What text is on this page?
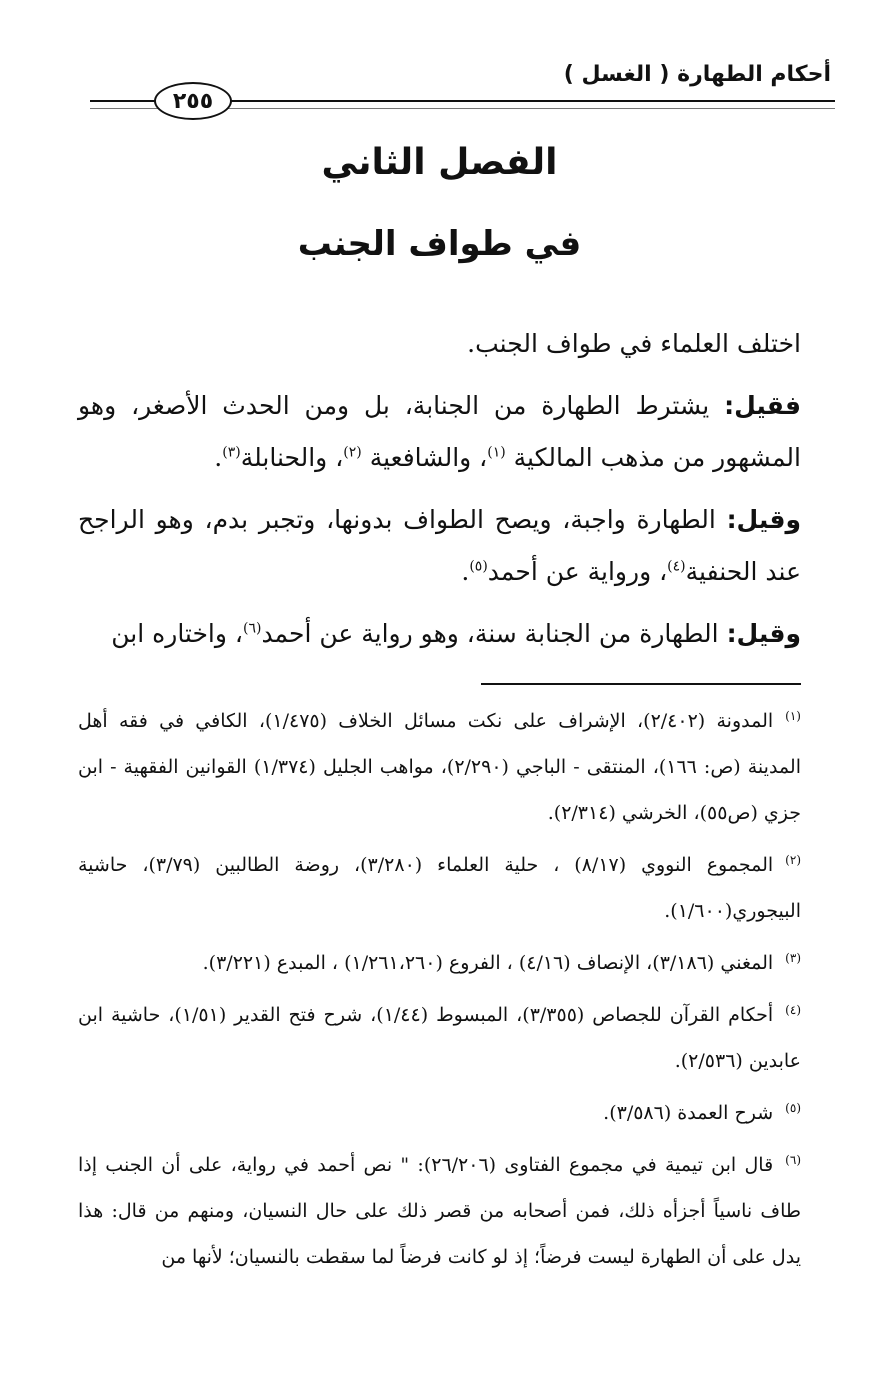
أحكام الطهارة ( الغسل )
٢٥٥
الفصل الثاني
في طواف الجنب

اختلف العلماء في طواف الجنب.

فقيل: يشترط الطهارة من الجنابة، بل ومن الحدث الأصغر، وهو المشهور من مذهب المالكية $^{(١)}$، والشافعية $^{(٢)}$، والحنابلة$^{(٣)}$.

وقيل: الطهارة واجبة، ويصح الطواف بدونها، وتجبر بدم، وهو الراجح عند الحنفية$^{(٤)}$، ورواية عن أحمد$^{(٥)}$.

وقيل: الطهارة من الجنابة سنة، وهو رواية عن أحمد$^{(٦)}$، واختاره ابن

$^{(١)}$المدونة (٢/٤٠٢)، الإشراف على نكت مسائل الخلاف (١/٤٧٥)، الكافي في فقه أهل المدينة (ص: ١٦٦)، المنتقى - الباجي (٢/٢٩٠)، مواهب الجليل (١/٣٧٤) القوانين الفقهية - ابن جزي (ص٥٥)، الخرشي (٢/٣١٤).

$^{(٢)}$المجموع النووي (٨/١٧) ، حلية العلماء (٣/٢٨٠)، روضة الطالبين (٣/٧٩)، حاشية البيجوري(١/٦٠٠).

$^{(٣)}$المغني (٣/١٨٦)، الإنصاف (٤/١٦) ، الفروع (١/٢٦١،٢٦٠) ، المبدع (٣/٢٢١).

$^{(٤)}$أحكام القرآن للجصاص (٣/٣٥٥)، المبسوط (١/٤٤)، شرح فتح القدير (١/٥١)، حاشية ابن عابدين (٢/٥٣٦).

$^{(٥)}$شرح العمدة (٣/٥٨٦).

$^{(٦)}$قال ابن تيمية في مجموع الفتاوى (٢٦/٢٠٦): " نص أحمد في رواية، على أن الجنب إذا طاف ناسياً أجزأه ذلك، فمن أصحابه من قصر ذلك على حال النسيان، ومنهم من قال: هذا يدل على أن الطهارة ليست فرضاً؛ إذ لو كانت فرضاً لما سقطت بالنسيان؛ لأنها من
